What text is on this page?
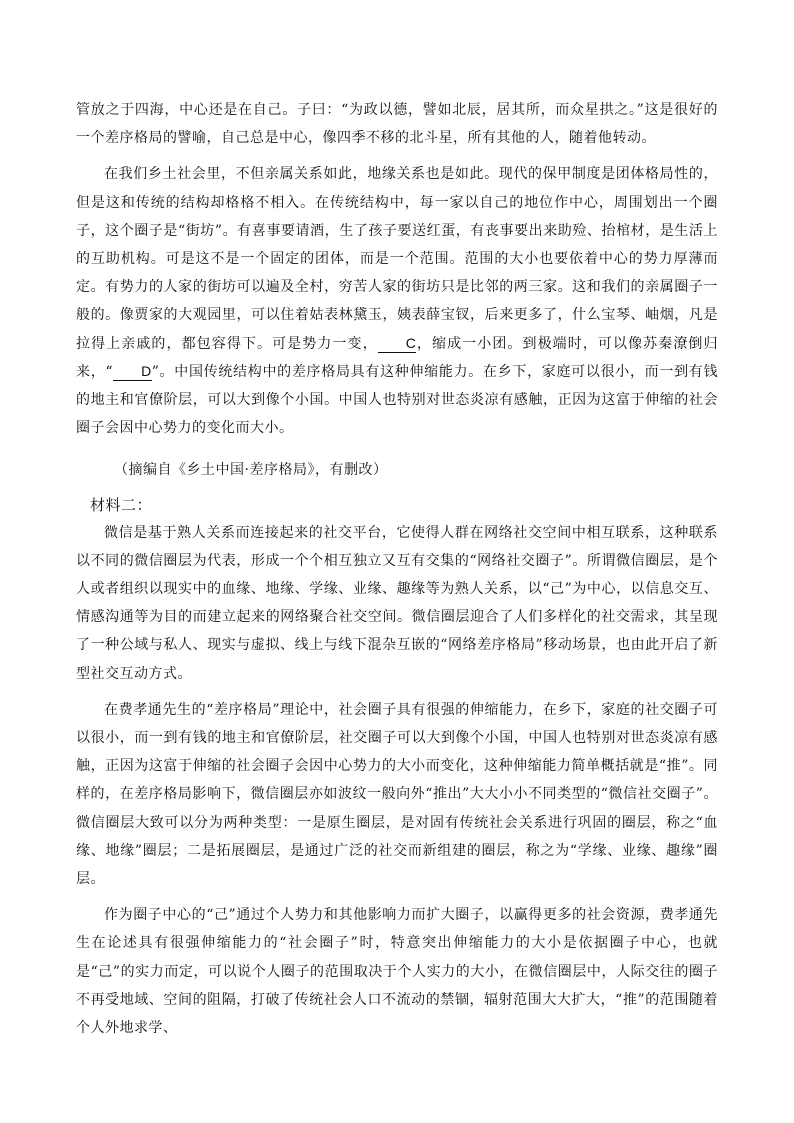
管放之于四海，中心还是在自己。子曰：“为政以德，譬如北辰，居其所，而众星拱之。”这是很好的一个差序格局的譬喻，自己总是中心，像四季不移的北斗星，所有其他的人，随着他转动。

在我们乡土社会里，不但亲属关系如此，地缘关系也是如此。现代的保甲制度是团体格局性的，但是这和传统的结构却格格不相入。在传统结构中，每一家以自己的地位作中心，周围划出一个圈子，这个圈子是“街坊”。有喜事要请酒，生了孩子要送红蛋，有丧事要出来助殓、抬棺材，是生活上的互助机构。可是这不是一个固定的团体，而是一个范围。范围的大小也要依着中心的势力厚薄而定。有势力的人家的街坊可以遍及全村，穷苦人家的街坊只是比邻的两三家。这和我们的亲属圈子一般的。像贾家的大观园里，可以住着姑表林黛玉，姨表薛宝钗，后来更多了，什么宝琴、岫烟，凡是拉得上亲戚的，都包容得下。可是势力一变， C，缩成一小团。到极端时，可以像苏秦潦倒归来，“ D”。中国传统结构中的差序格局具有这种伸缩能力。在乡下，家庭可以很小，而一到有钱的地主和官僚阶层，可以大到像个小国。中国人也特别对世态炎凉有感触，正因为这富于伸缩的社会圈子会因中心势力的变化而大小。

（摘编自《乡土中国·差序格局》，有删改）

材料二：

微信是基于熟人关系而连接起来的社交平台，它使得人群在网络社交空间中相互联系，这种联系以不同的微信圈层为代表，形成一个个相互独立又互有交集的“网络社交圈子”。所谓微信圈层，是个人或者组织以现实中的血缘、地缘、学缘、业缘、趣缘等为熟人关系，以“己”为中心，以信息交互、情感沟通等为目的而建立起来的网络聚合社交空间。微信圈层迎合了人们多样化的社交需求，其呈现了一种公域与私人、现实与虚拟、线上与线下混杂互嵌的“网络差序格局”移动场景，也由此开启了新型社交互动方式。

在费孝通先生的“差序格局”理论中，社会圈子具有很强的伸缩能力，在乡下，家庭的社交圈子可以很小，而一到有钱的地主和官僚阶层，社交圈子可以大到像个小国，中国人也特别对世态炎凉有感触，正因为这富于伸缩的社会圈子会因中心势力的大小而变化，这种伸缩能力简单概括就是“推”。同样的，在差序格局影响下，微信圈层亦如波纹一般向外“推出”大大小小不同类型的“微信社交圈子”。微信圈层大致可以分为两种类型：一是原生圈层，是对固有传统社会关系进行巩固的圈层，称之“血缘、地缘”圈层；二是拓展圈层，是通过广泛的社交而新组建的圈层，称之为“学缘、业缘、趣缘”圈层。

作为圈子中心的“己”通过个人势力和其他影响力而扩大圈子，以赢得更多的社会资源，费孝通先生在论述具有很强伸缩能力的“社会圈子”时，特意突出伸缩能力的大小是依据圈子中心，也就是“己”的实力而定，可以说个人圈子的范围取决于个人实力的大小，在微信圈层中，人际交往的圈子不再受地域、空间的阻隔，打破了传统社会人口不流动的禁锢，辐射范围大大扩大，“推”的范围随着个人外地求学、
